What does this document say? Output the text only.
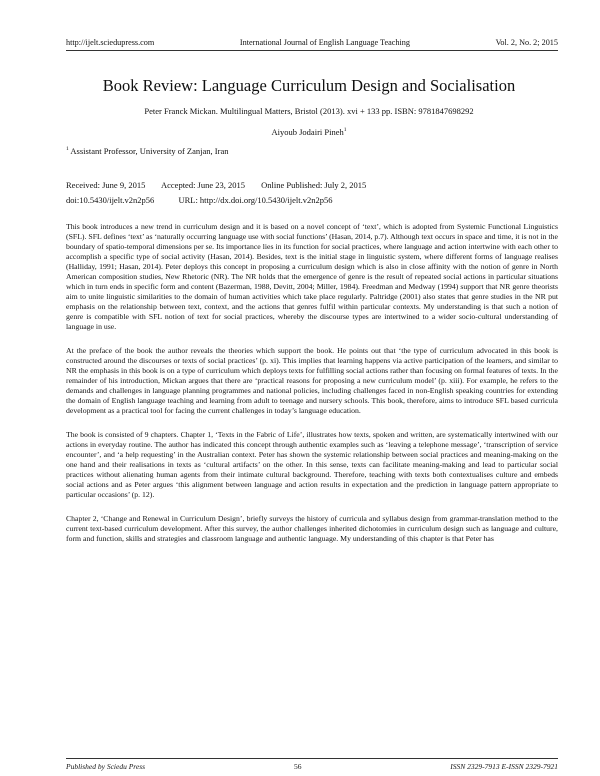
http://ijelt.sciedupress.com	International Journal of English Language Teaching	Vol. 2, No. 2; 2015
Book Review: Language Curriculum Design and Socialisation
Peter Franck Mickan. Multilingual Matters, Bristol (2013). xvi + 133 pp. ISBN: 9781847698292
Aiyoub Jodairi Pineh$^1$
$^1$ Assistant Professor, University of Zanjan, Iran
Received: June 9, 2015 Accepted: June 23, 2015 Online Published: July 2, 2015
doi:10.5430/ijelt.v2n2p56	URL: http://dx.doi.org/10.5430/ijelt.v2n2p56

This book introduces a new trend in curriculum design and it is based on a novel concept of ‘text’, which is adopted from Systemic Functional Linguistics (SFL). SFL defines ‘text’ as ‘naturally occurring language use with social functions’ (Hasan, 2014, p.7). Although text occurs in space and time, it is not in the boundary of spatio-temporal dimensions per se. Its importance lies in its function for social practices, where language and action intertwine with each other to accomplish a specific type of social activity (Hasan, 2014). Besides, text is the initial stage in linguistic system, where different forms of language realises (Halliday, 1991; Hasan, 2014). Peter deploys this concept in proposing a curriculum design which is also in close affinity with the notion of genre in North American composition studies, New Rhetoric (NR). The NR holds that the emergence of genre is the result of repeated social actions in particular situations which in turn ends in specific form and content (Bazerman, 1988, Devitt, 2004; Miller, 1984). Freedman and Medway (1994) support that NR genre theorists aim to unite linguistic similarities to the domain of human activities which take place regularly. Paltridge (2001) also states that genre studies in the NR put emphasis on the relationship between text, context, and the actions that genres fulfil within particular contexts. My understanding is that such a notion of genre is compatible with SFL notion of text for social practices, whereby the discourse types are intertwined to a wider socio-cultural understanding of language in use.

At the preface of the book the author reveals the theories which support the book. He points out that ‘the type of curriculum advocated in this book is constructed around the discourses or texts of social practices’ (p. xi). This implies that learning happens via active participation of the learners, and similar to NR the emphasis in this book is on a type of curriculum which deploys texts for fulfilling social actions rather than focusing on formal features of texts. In the remainder of his introduction, Mickan argues that there are ‘practical reasons for proposing a new curriculum model’ (p. xiii). For example, he refers to the demands and challenges in language planning programmes and national policies, including challenges faced in non-English speaking countries for extending the domain of English language teaching and learning from adult to teenage and nursery schools. This book, therefore, aims to introduce SFL based curricula development as a practical tool for facing the current challenges in today’s language education.

The book is consisted of 9 chapters. Chapter 1, ‘Texts in the Fabric of Life’, illustrates how texts, spoken and written, are systematically intertwined with our actions in everyday routine. The author has indicated this concept through authentic examples such as ‘leaving a telephone message’, ‘transcription of service encounter’, and ‘a help requesting’ in the Australian context. Peter has shown the systemic relationship between social practices and meaning-making on the one hand and their realisations in texts as ‘cultural artifacts’ on the other. In this sense, texts can facilitate meaning-making and lead to particular social practices without alienating human agents from their intimate cultural background. Therefore, teaching with texts both contextualises culture and embeds social actions and as Peter argues ‘this alignment between language and action results in expectation and the prediction in language pattern appropriate to particular occasions’ (p. 12).

Chapter 2, ‘Change and Renewal in Curriculum Design’, briefly surveys the history of curricula and syllabus design from grammar-translation method to the current text-based curriculum development. After this survey, the author challenges inherited dichotomies in curriculum design such as language and culture, form and function, skills and strategies and classroom language and authentic language. My understanding of this chapter is that Peter has

Published by Sciedu Press	56	ISSN 2329-7913 E-ISSN 2329-7921
